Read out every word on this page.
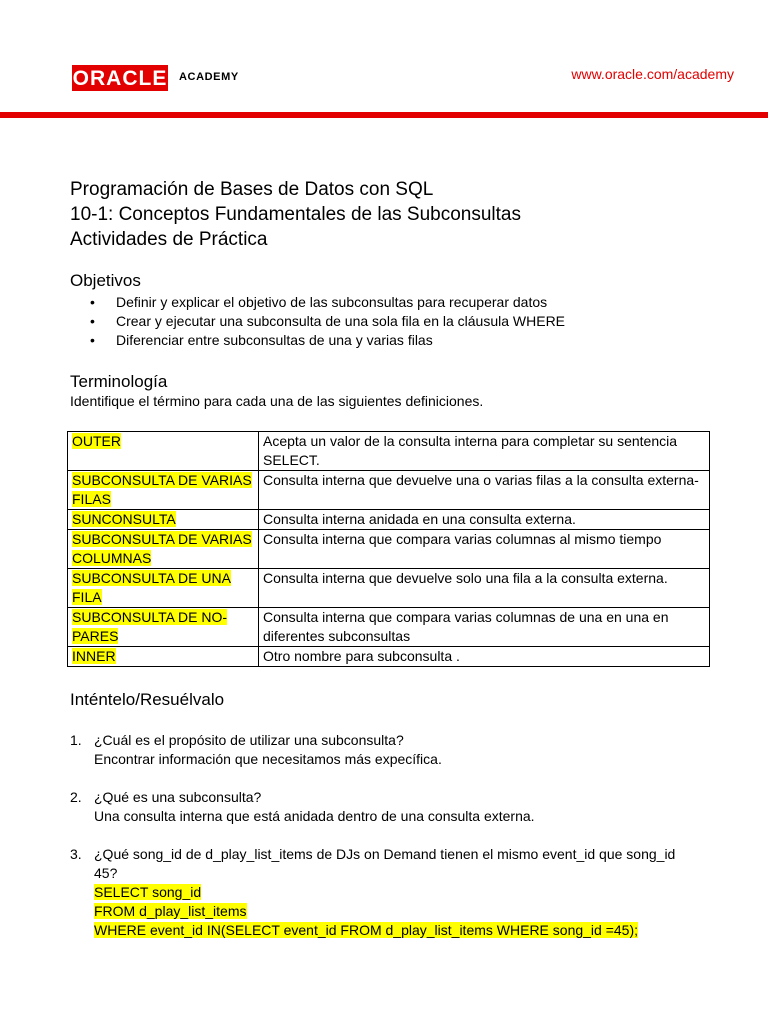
ORACLE ACADEMY	www.oracle.com/academy
Programación de Bases de Datos con SQL
10-1: Conceptos Fundamentales de las Subconsultas
Actividades de Práctica
Objetivos
•	Definir y explicar el objetivo de las subconsultas para recuperar datos
•	Crear y ejecutar una subconsulta de una sola fila en la cláusula WHERE
•	Diferenciar entre subconsultas de una y varias filas
Terminología
Identifique el término para cada una de las siguientes definiciones.
OUTER	Acepta un valor de la consulta interna para completar su sentencia SELECT.
SUBCONSULTA DE VARIAS FILAS	Consulta interna que devuelve una o varias filas a la consulta externa-
SUNCONSULTA	Consulta interna anidada en una consulta externa.
SUBCONSULTA DE VARIAS COLUMNAS	Consulta interna que compara varias columnas al mismo tiempo
SUBCONSULTA DE UNA FILA	Consulta interna que devuelve solo una fila a la consulta externa.
SUBCONSULTA DE NO-PARES	Consulta interna que compara varias columnas de una en una en diferentes subconsultas
INNER	Otro nombre para subconsulta .
Inténtelo/Resuélvalo
1. ¿Cuál es el propósito de utilizar una subconsulta?
Encontrar información que necesitamos más expecífica.
2. ¿Qué es una subconsulta?
Una consulta interna que está anidada dentro de una consulta externa.
3. ¿Qué song_id de d_play_list_items de DJs on Demand tienen el mismo event_id que song_id 45?
SELECT song_id
FROM d_play_list_items
WHERE event_id IN(SELECT event_id FROM d_play_list_items WHERE song_id =45);
